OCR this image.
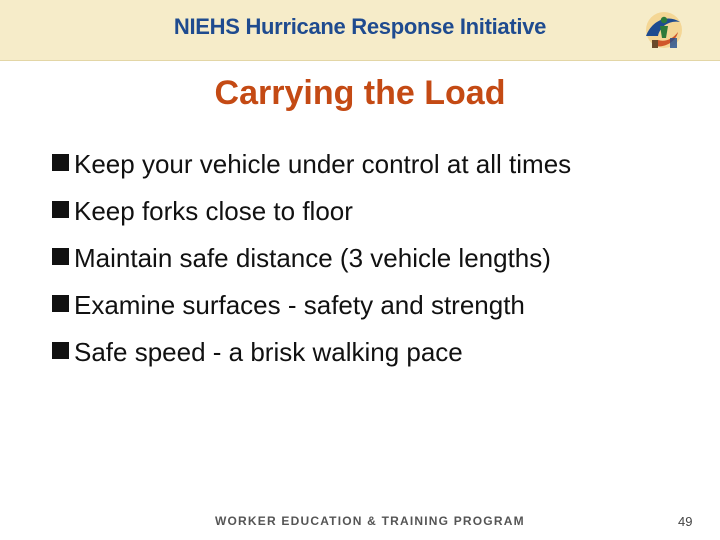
NIEHS Hurricane Response Initiative
Carrying the Load
Keep your vehicle under control at all times
Keep forks close to floor
Maintain safe distance (3 vehicle lengths)
Examine surfaces - safety and strength
Safe speed - a brisk walking pace
WORKER EDUCATION & TRAINING PROGRAM	49
